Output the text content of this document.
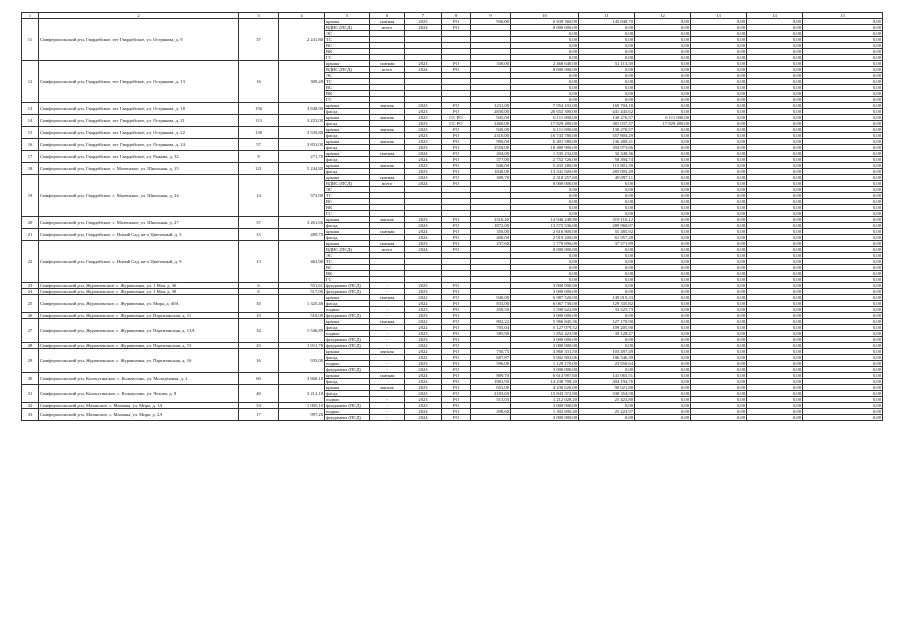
1	2	3	4	5	6	7	8	9	10	11	12	13	14	15	
11	Симферопольский р-н, Гвардейское, пгт Гвардейское, ул. Острякова, д. 9	37	2 241,80	крыша	скатная	2023	РО	930,00	6 839 360,00	145 848,70	0,00	0,00	0,00	0,00	
				ВДИС (ПСД)	всего	2024	РО		8 000 000,00	0,00	0,00	0,00	0,00	0,00	
				ЭС					0,00	0,00	0,00	0,00	0,00	0,00	
				ТС					0,00	0,00	0,00	0,00	0,00	0,00	
				ВС					0,00	0,00	0,00	0,00	0,00	0,00	
				ВК					0,00	0,00	0,00	0,00	0,00	0,00	
				ГС					0,00	0,00	0,00	0,00	0,00	0,00	
12	Симферопольский р-н, Гвардейское, пгт Гвардейское, ул. Острякова, д. 13	16	309,20	крыша	скатная	2023	РО	330,00	2 468 640,00	52 113,30	0,00	0,00	0,00	0,00	
				ВДИС (ПСД)	всего	2024	РО		8 000 000,00	0,00	0,00	0,00	0,00	0,00	
				ЭС					0,00	0,00	0,00	0,00	0,00	0,00	
				ТС					0,00	0,00	0,00	0,00	0,00	0,00	
				ВС					0,00	0,00	0,00	0,00	0,00	0,00	
				ВК					0,00	0,00	0,00	0,00	0,00	0,00	
				ГС					0,00	0,00	0,00	0,00	0,00	0,00	
13	Симферопольский р-н, Гвардейское, пгт Гвардейское, ул. Острякова, д. 18	156	3 848,90	крыша	мягкая	2023	РО	1231,00	7 954 102,00	169 704,18	0,00	0,00	0,00	0,00	
				фасад		2023	РО	2830,00	20 652 300,00	441 445,62	0,00	0,00	0,00	0,00	
14	Симферопольский р-н, Гвардейское, пгт Гвардейское, ул. Острякова, д. 21	113	3 223,00	крыша	мягкая	2023	СС РО	945,00	6 111 690,00	130 276,57	6 111 690,00	0,00	0,00	0,00	
				фасад		2023	СС РО	2460,00	17 829 480,00	381 037,37	17 829 480,00	0,00	0,00	0,00	
15	Симферопольский р-н, Гвардейское, пгт Гвардейское, ул. Острякова, д. 22	138	3 535,80	крыша	мягкая	2023	РО	945,00	6 111 690,00	130 276,57	0,00	0,00	0,00	0,00	
				фасад		2023	РО	2310,00	16 743 780,00	357 803,29	0,00	0,00	0,00	0,00	
16	Симферопольский р-н, Гвардейское, пгт Гвардейское, ул. Острякова, д. 24	57	3 831,00	крыша	мягкая	2023	РО	990,00	6 401 580,00	136 480,21	0,00	0,00	0,00	0,00	
				фасад		2023	РО	2550,00	18 480 900,00	394 973,66	0,00	0,00	0,00	0,00	
17	Симферопольский р-н, Гвардейское, пгт Гвардейское, ул. Рыкова, д. 32	8	271,70	крыша	скатная	2024	РО	204,00	1 535 232,00	32 340,36	0,00	0,00	0,00	0,00	
				фасад		2024	РО	377,00	2 752 726,00	58 394,74	0,00	0,00	0,00	0,00	
18	Симферопольский р-н, Гвардейское, с. Маленькое, ул. Школьная, д. 15	121	5 244,80	крыша	мягкая	2023	РО	840,00	5 433 280,00	115 801,39	0,00	0,00	0,00	0,00	
				фасад		2023	РО	1840,00	13 341 920,00	285 003,49	0,00	0,00	0,00	0,00	
19	Симферопольский р-н, Гвардейское, с. Маленькое, ул. Школьная, д. 24	14	573,90	крыша	скатная	2023	РО	309,70	2 318 257,60	49 097,11	0,00	0,00	0,00	0,00	
				ВДИС (ПСД)	всего	2024	РО		8 000 000,00	0,00	0,00	0,00	0,00	0,00	
				ЭС					0,00	0,00	0,00	0,00	0,00	0,00	
				ТС					0,00	0,00	0,00	0,00	0,00	0,00	
				ВС					0,00	0,00	0,00	0,00	0,00	0,00	
				ВК					0,00	0,00	0,00	0,00	0,00	0,00	
				ГС					0,00	0,00	0,00	0,00	0,00	0,00	
20	Симферопольский р-н, Гвардейское, с. Маленькое, ул. Школьная, д. 27	37	3 261,60	крыша	мягкая	2023	РО	2316,40	14 946 248,80	319 116,12	0,00	0,00	0,00	0,00	
				фасад		2023	РО	1872,00	13 573 536,00	289 960,07	0,00	0,00	0,00	0,00	
21	Симферопольский р-н, Гвардейское, с. Новый Сад, кв-л Цветочный, д. 5	15	489,70	крыша	скатная	2024	РО	350,00	2 616 800,00	55 485,92	0,00	0,00	0,00	0,00	
				фасад		2024	РО	400,00	2 919 200,00	61 957,28	0,00	0,00	0,00	0,00	
22	Симферопольский р-н, Гвардейское, с. Новый Сад, кв-л Цветочный, д. 9	13	462,90	крыша	скатная	2023	РО	237,60	1 779 696,00	37 571,89	0,00	0,00	0,00	0,00	
				ВДИС (ПСД)	всего	2024	РО		8 000 000,00	0,00	0,00	0,00	0,00	0,00	
				ЭС					0,00	0,00	0,00	0,00	0,00	0,00	
				ТС					0,00	0,00	0,00	0,00	0,00	0,00	
				ВС					0,00	0,00	0,00	0,00	0,00	0,00	
				ВК					0,00	0,00	0,00	0,00	0,00	0,00	
				ГС					0,00	0,00	0,00	0,00	0,00	0,00	
23	Симферопольский р-н, Журавленское, с. Журавленка, ул. 1 Мая, д. 36	6	551,61	фундамент (ПСД)	-	2023	РО		3 000 000,00	0,00	0,00	0,00	0,00	0,00	
24	Симферопольский р-н, Журавленское, с. Журавленка, ул. 1 Мая, д. 38	6	517,06	фундамент (ПСД)	-	2023	РО		3 000 000,00	0,00	0,00	0,00	0,00	0,00	
25	Симферопольский р-н, Журавленское, с. Журавленка, ул. Мира, д. 40А	35	1 325,40	крыша	скатная	2022	РО	940,00	6 987 520,00	149 019,33	0,00	0,00	0,00	0,00	
				фасад		2022	РО	833,00	6 067 730,00	129 335,82	0,00	0,00	0,00	0,00	
				подвал	-	2023	РО	459,50	1 590 622,80	33 525,73	0,00	0,00	0,00	0,00	
26	Симферопольский р-н, Журавленское, с. Журавленка, ул. Партизанская, д. 11	10	510,00	фундамент (ПСД)	-	2023	РО		3 000 000,00	0,00	0,00	0,00	0,00	0,00	
27	Симферопольский р-н, Журавленское, с. Журавленка, ул. Партизанская, д. 13А	34	1 546,89	крыша	скатная	2022	РО	802,22	5 966 845,36	127 170,90	0,00	0,00	0,00	0,00	
				фасад	-	2022	РО	705,04	5 127 079,52	109 205,90	0,00	0,00	0,00	0,00	
				подвал	-	2023	РО	585,90	1 852 423,98	39 128,27	0,00	0,00	0,00	0,00	
				фундамент (ПСД)	-	2023	РО		3 000 000,00	0,00	0,00	0,00	0,00	0,00	
28	Симферопольский р-н, Журавленское, с. Журавленка, ул. Партизанская, д. 15	23	1 011,78	фундамент (ПСД)	-	2022	РО		3 000 000,00	0,00	0,00	0,00	0,00	0,00	
29	Симферопольский р-н, Журавленское, с. Журавленка, ул. Партизанская, д. 16	16	935,00	крыша	мягкая	2022	РО	750,75	4 860 331,50	103 497,49	0,00	0,00	0,00	0,00	
				фасад	-	2022	РО	687,87	5 002 803,06	106 546,39	0,00	0,00	0,00	0,00	
				подвал	-	2023	РО	596,00	1 129 170,00	23 650,64	0,00	0,00	0,00	0,00	
				фундамент (ПСД)	-	2023	РО		3 000 000,00	0,00	0,00	0,00	0,00	0,00	
30	Симферопольский р-н, Кольчугинское, с. Кольчугино, ул. Молодёжная, д. 2	60	3 660,10	крыша	скатная	2024	РО	889,70	6 614 997,60	141 065,51	0,00	0,00	0,00	0,00	
				фасад		2024	РО	1963,90	14 238 708,20	304 194,76	0,00	0,00	0,00	0,00	
31	Симферопольский р-н, Кольчугинское, с. Кольчугино, ул. Чехова, д. 8	40	3 212,10	крыша	мягкая	2023	РО	653,00	4 230 626,00	90 021,80	0,00	0,00	0,00	0,00	
				фасад		2023	РО	2183,60	15 843 372,80	338 354,58	0,00	0,00	0,00	0,00	
				подвал	-	2023	РО	513,05	1 212 028,20	25 423,80	0,00	0,00	0,00	0,00	
32	Симферопольский р-н, Мазанское, с. Мазанка, ул. Мира, д. 1А	54	1 005,10	фундамент (ПСД)	-	2023	РО		3 000 000,00	0,00	0,00	0,00	0,00	0,00	
33	Симферопольский р-н, Мазанское, с. Мазанка, ул. Мира, д. 2А	17	997,20	подвал	-	2024	РО	498,60	1 302 690,40	25 223,97	0,00	0,00	0,00	0,00	
				фундамент (ПСД)	-	2024	РО		3 000 000,00	0,00	0,00	0,00	0,00	0,00	
